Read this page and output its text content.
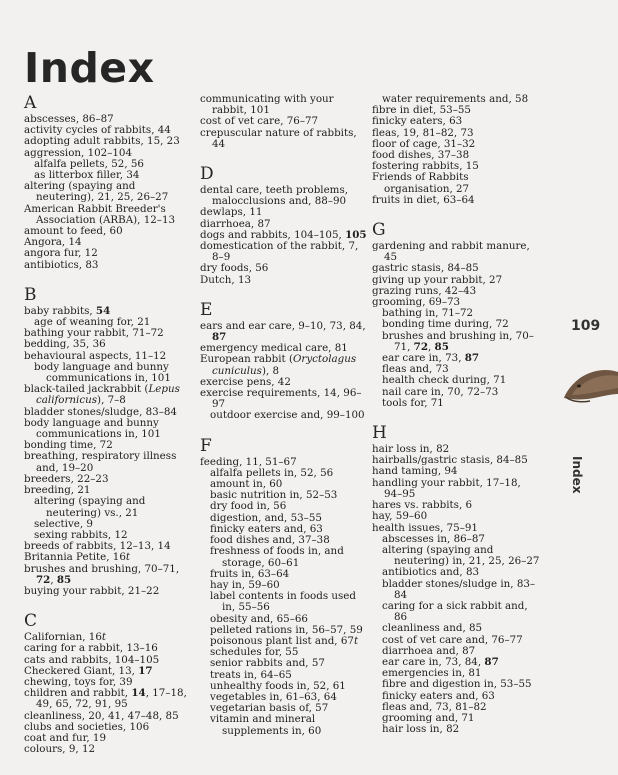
Index
A
abscesses, 86–87
activity cycles of rabbits, 44
adopting adult rabbits, 15, 23
aggression, 102–104
alfalfa pellets, 52, 56
as litterbox filler, 34
altering (spaying and neutering), 21, 25, 26–27
American Rabbit Breeder's Association (ARBA), 12–13
amount to feed, 60
Angora, 14
angora fur, 12
antibiotics, 83
B
baby rabbits, 54
age of weaning for, 21
bathing your rabbit, 71–72
bedding, 35, 36
behavioural aspects, 11–12
body language and bunny communications in, 101
black-tailed jackrabbit (Lepus californicus), 7–8
bladder stones/sludge, 83–84
body language and bunny communications in, 101
bonding time, 72
breathing, respiratory illness and, 19–20
breeders, 22–23
breeding, 21
altering (spaying and neutering) vs., 21
selective, 9
sexing rabbits, 12
breeds of rabbits, 12–13, 14
Britannia Petite, 16t
brushes and brushing, 70–71, 72, 85
buying your rabbit, 21–22
C
Californian, 16t
caring for a rabbit, 13–16
cats and rabbits, 104–105
Checkered Giant, 13, 17
chewing, toys for, 39
children and rabbit, 14, 17–18, 49, 65, 72, 91, 95
cleanliness, 20, 41, 47–48, 85
clubs and societies, 106
coat and fur, 19
colours, 9, 12
communicating with your rabbit, 101
cost of vet care, 76–77
crepuscular nature of rabbits, 44
D
dental care, teeth problems, malocclusions and, 88–90
dewlaps, 11
diarrhoea, 87
dogs and rabbits, 104–105, 105
domestication of the rabbit, 7, 8–9
dry foods, 56
Dutch, 13
E
ears and ear care, 9–10, 73, 84, 87
emergency medical care, 81
European rabbit (Oryctolagus cuniculus), 8
exercise pens, 42
exercise requirements, 14, 96–97
outdoor exercise and, 99–100
F
feeding, 11, 51–67
alfalfa pellets in, 52, 56
amount in, 60
basic nutrition in, 52–53
dry food in, 56
digestion, and, 53–55
finicky eaters and, 63
food dishes and, 37–38
freshness of foods in, and storage, 60–61
fruits in, 63–64
hay in, 59–60
label contents in foods used in, 55–56
obesity and, 65–66
pelleted rations in, 56–57, 59
poisonous plant list and, 67t
schedules for, 55
senior rabbits and, 57
treats in, 64–65
unhealthy foods in, 52, 61
vegetables in, 61–63, 64
vegetarian basis of, 57
vitamin and mineral supplements in, 60
water requirements and, 58
fibre in diet, 53–55
finicky eaters, 63
fleas, 19, 81–82, 73
floor of cage, 31–32
food dishes, 37–38
fostering rabbits, 15
Friends of Rabbits organisation, 27
fruits in diet, 63–64
G
gardening and rabbit manure, 45
gastric stasis, 84–85
giving up your rabbit, 27
grazing runs, 42–43
grooming, 69–73
bathing in, 71–72
bonding time during, 72
brushes and brushing in, 70–71, 72, 85
ear care in, 73, 87
fleas and, 73
health check during, 71
nail care in, 70, 72–73
tools for, 71
H
hair loss in, 82
hairballs/gastric stasis, 84–85
hand taming, 94
handling your rabbit, 17–18, 94–95
hares vs. rabbits, 6
hay, 59–60
health issues, 75–91
abscesses in, 86–87
altering (spaying and neutering) in, 21, 25, 26–27
antibiotics and, 83
bladder stones/sludge in, 83–84
caring for a sick rabbit and, 86
cleanliness and, 85
cost of vet care and, 76–77
diarrhoea and, 87
ear care in, 73, 84, 87
emergencies in, 81
fibre and digestion in, 53–55
finicky eaters and, 63
fleas and, 73, 81–82
grooming and, 71
hair loss in, 82
109
Index
